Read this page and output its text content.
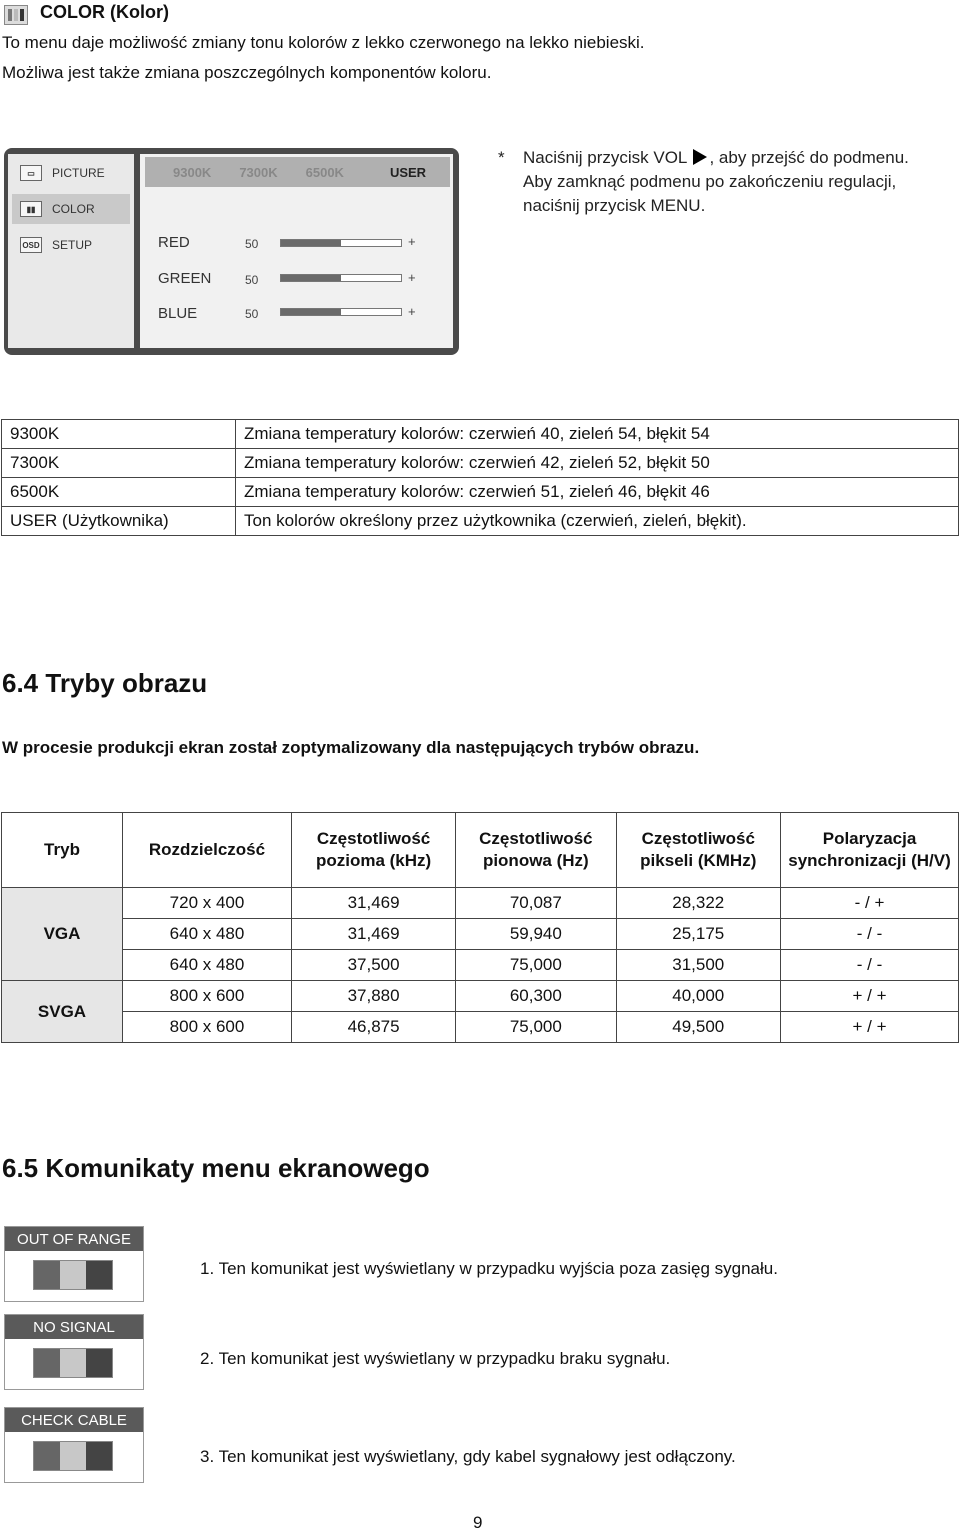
COLOR (Kolor)
To menu daje możliwość zmiany tonu kolorów z lekko czerwonego na lekko niebieski.
Możliwa jest także zmiana poszczególnych komponentów koloru.
▭	PICTURE
▮▮	COLOR
OSD SETUP
9300K 7300K 6500K	USER
RED	50	+
GREEN	50	+
BLUE	50	+
* Naciśnij przycisk VOL , aby przejść do podmenu.
Aby zamknąć podmenu po zakończeniu regulacji, naciśnij przycisk MENU.
9300K	Zmiana temperatury kolorów: czerwień 40, zieleń 54, błękit 54
7300K	Zmiana temperatury kolorów: czerwień 42, zieleń 52, błękit 50
6500K	Zmiana temperatury kolorów: czerwień 51, zieleń 46, błękit 46
USER (Użytkownika)	Ton kolorów określony przez użytkownika (czerwień, zieleń, błękit).
6.4 Tryby obrazu
W procesie produkcji ekran został zoptymalizowany dla następujących trybów obrazu.
Tryb	Rozdzielczość	Częstotliwość pozioma (kHz)	Częstotliwość pionowa (Hz)	Częstotliwość pikseli (KMHz)	Polaryzacja synchronizacji (H/V)
VGA	720 x 400	31,469	70,087	28,322	- / +
	640 x 480	31,469	59,940	25,175	- / -
	640 x 480	37,500	75,000	31,500	- / -
SVGA	800 x 600	37,880	60,300	40,000	+ / +
	800 x 600	46,875	75,000	49,500	+ / +
6.5 Komunikaty menu ekranowego
OUT OF RANGE
1. Ten komunikat jest wyświetlany w przypadku wyjścia poza zasięg sygnału.
NO SIGNAL
2. Ten komunikat jest wyświetlany w przypadku braku sygnału.
CHECK CABLE
3. Ten komunikat jest wyświetlany, gdy kabel sygnałowy jest odłączony.
9
